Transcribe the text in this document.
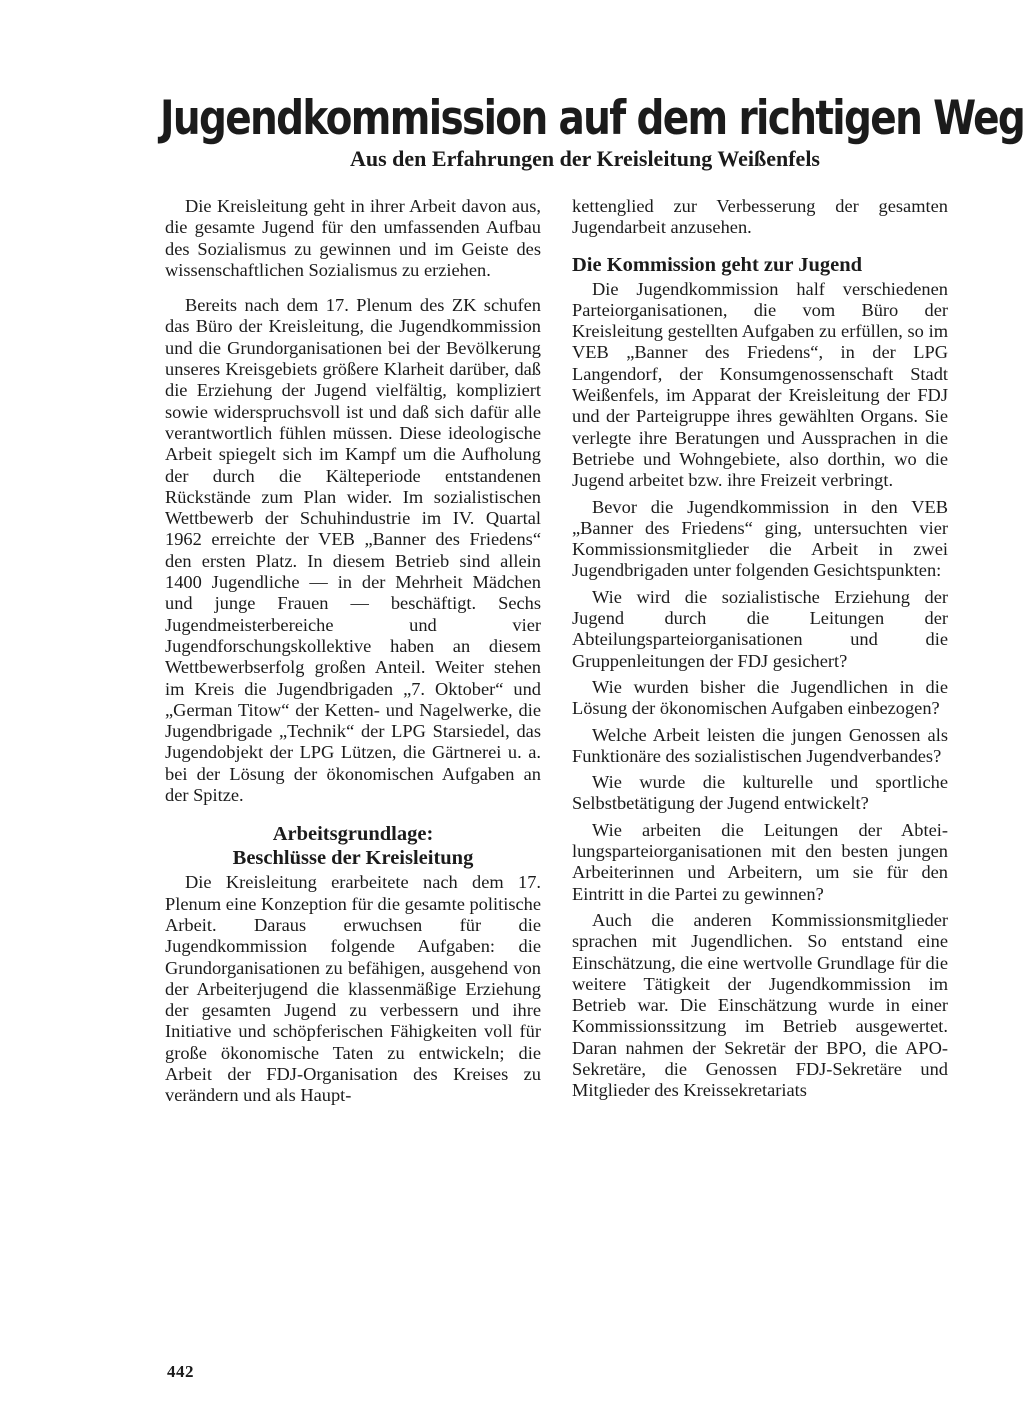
Jugendkommission auf dem richtigen Weg
Aus den Erfahrungen der Kreisleitung Weißenfels

Die Kreisleitung geht in ihrer Arbeit davon aus, die gesamte Jugend für den umfassenden Aufbau des Sozialismus zu gewinnen und im Geiste des wissenschaftlichen Sozialismus zu erziehen.

Bereits nach dem 17. Plenum des ZK schufen das Büro der Kreisleitung, die Jugendkommission und die Grundorganisationen bei der Bevölkerung unseres Kreisgebiets größere Klarheit darüber, daß die Erziehung der Jugend vielfältig, kompliziert sowie widerspruchsvoll ist und daß sich dafür alle verantwortlich fühlen müssen. Diese ideologische Arbeit spiegelt sich im Kampf um die Aufholung der durch die Kälteperiode entstandenen Rückstände zum Plan wider. Im sozialistischen Wettbewerb der Schuhindustrie im IV. Quartal 1962 erreichte der VEB „Banner des Friedens“ den ersten Platz. In diesem Betrieb sind allein 1400 Jugendliche — in der Mehrheit Mädchen und junge Frauen — beschäftigt. Sechs Jugendmeisterbereiche und vier Jugendforschungskollektive haben an diesem Wettbewerbserfolg großen Anteil. Weiter stehen im Kreis die Jugendbrigaden „7. Oktober“ und „German Titow“ der Ketten- und Nagelwerke, die Jugendbrigade „Technik“ der LPG Starsiedel, das Jugendobjekt der LPG Lützen, die Gärtnerei u. a. bei der Lösung der ökonomischen Aufgaben an der Spitze.

Arbeitsgrundlage:
Beschlüsse der Kreisleitung

Die Kreisleitung erarbeitete nach dem 17. Plenum eine Konzeption für die gesamte politische Arbeit. Daraus erwuchsen für die Jugendkommission folgende Aufgaben: die Grundorganisationen zu befähigen, ausgehend von der Arbeiterjugend die klassenmäßige Erziehung der gesamten Jugend zu verbessern und ihre Initiative und schöpferischen Fähigkeiten voll für große ökonomische Taten zu entwickeln; die Arbeit der FDJ-Organisation des Kreises zu verändern und als Haupt-

kettenglied zur Verbesserung der gesamten Jugendarbeit anzusehen.

Die Kommission geht zur Jugend

Die Jugendkommission half verschiedenen Parteiorganisationen, die vom Büro der Kreisleitung gestellten Aufgaben zu erfüllen, so im VEB „Banner des Friedens“, in der LPG Langendorf, der Konsumgenossenschaft Stadt Weißenfels, im Apparat der Kreisleitung der FDJ und der Parteigruppe ihres gewählten Organs. Sie verlegte ihre Beratungen und Aussprachen in die Betriebe und Wohngebiete, also dorthin, wo die Jugend arbeitet bzw. ihre Freizeit verbringt.

Bevor die Jugendkommission in den VEB „Banner des Friedens“ ging, untersuchten vier Kommissionsmitglieder die Arbeit in zwei Jugendbrigaden unter folgenden Gesichtspunkten:

Wie wird die sozialistische Erziehung der Jugend durch die Leitungen der Abteilungsparteiorganisationen und die Gruppenleitungen der FDJ gesichert?

Wie wurden bisher die Jugendlichen in die Lösung der ökonomischen Aufgaben einbezogen?

Welche Arbeit leisten die jungen Genossen als Funktionäre des sozialistischen Jugendverbandes?

Wie wurde die kulturelle und sportliche Selbstbetätigung der Jugend entwickelt?

Wie arbeiten die Leitungen der Abteilungsparteiorganisationen mit den besten jungen Arbeiterinnen und Arbeitern, um sie für den Eintritt in die Partei zu gewinnen?

Auch die anderen Kommissionsmitglieder sprachen mit Jugendlichen. So entstand eine Einschätzung, die eine wertvolle Grundlage für die weitere Tätigkeit der Jugendkommission im Betrieb war. Die Einschätzung wurde in einer Kommissionssitzung im Betrieb ausgewertet. Daran nahmen der Sekretär der BPO, die APO-Sekretäre, die Genossen FDJ-Sekretäre und Mitglieder des Kreissekretariats

442
